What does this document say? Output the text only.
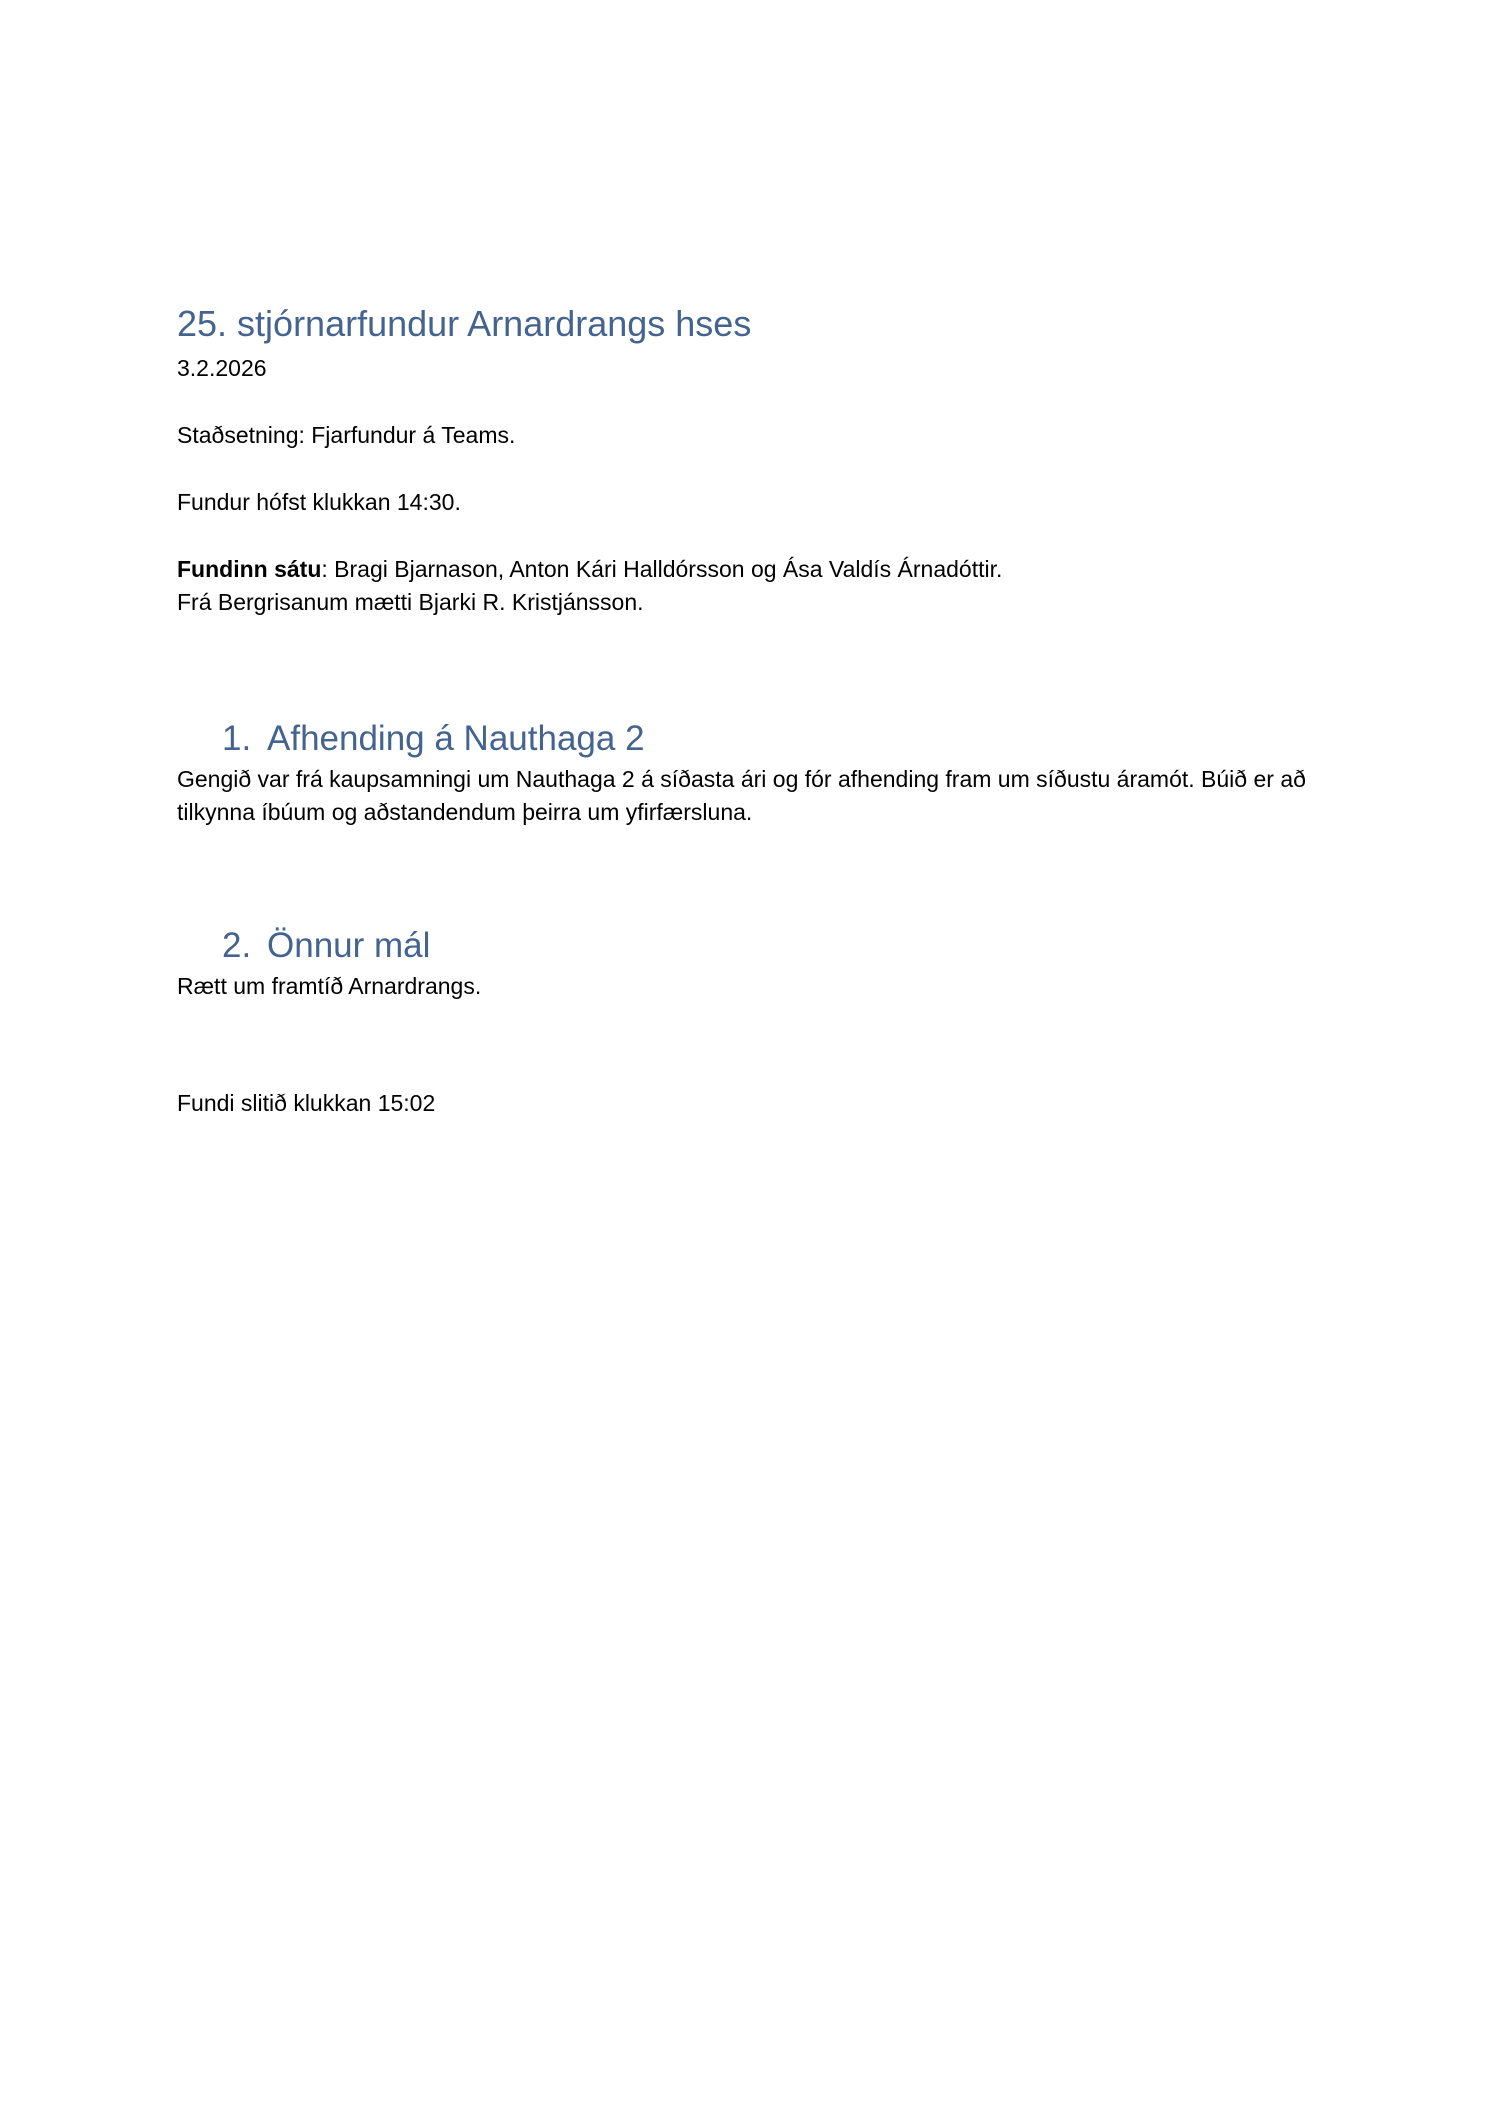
25. stjórnarfundur Arnardrangs hses

3.2.2026

Staðsetning: Fjarfundur á Teams.

Fundur hófst klukkan 14:30.

Fundinn sátu: Bragi Bjarnason, Anton Kári Halldórsson og Ása Valdís Árnadóttir.

Frá Bergrisanum mætti Bjarki R. Kristjánsson.

1. Afhending á Nauthaga 2

Gengið var frá kaupsamningi um Nauthaga 2 á síðasta ári og fór afhending fram um síðustu áramót. Búið er að tilkynna íbúum og aðstandendum þeirra um yfirfærsluna.

2. Önnur mál

Rætt um framtíð Arnardrangs.

Fundi slitið klukkan 15:02
